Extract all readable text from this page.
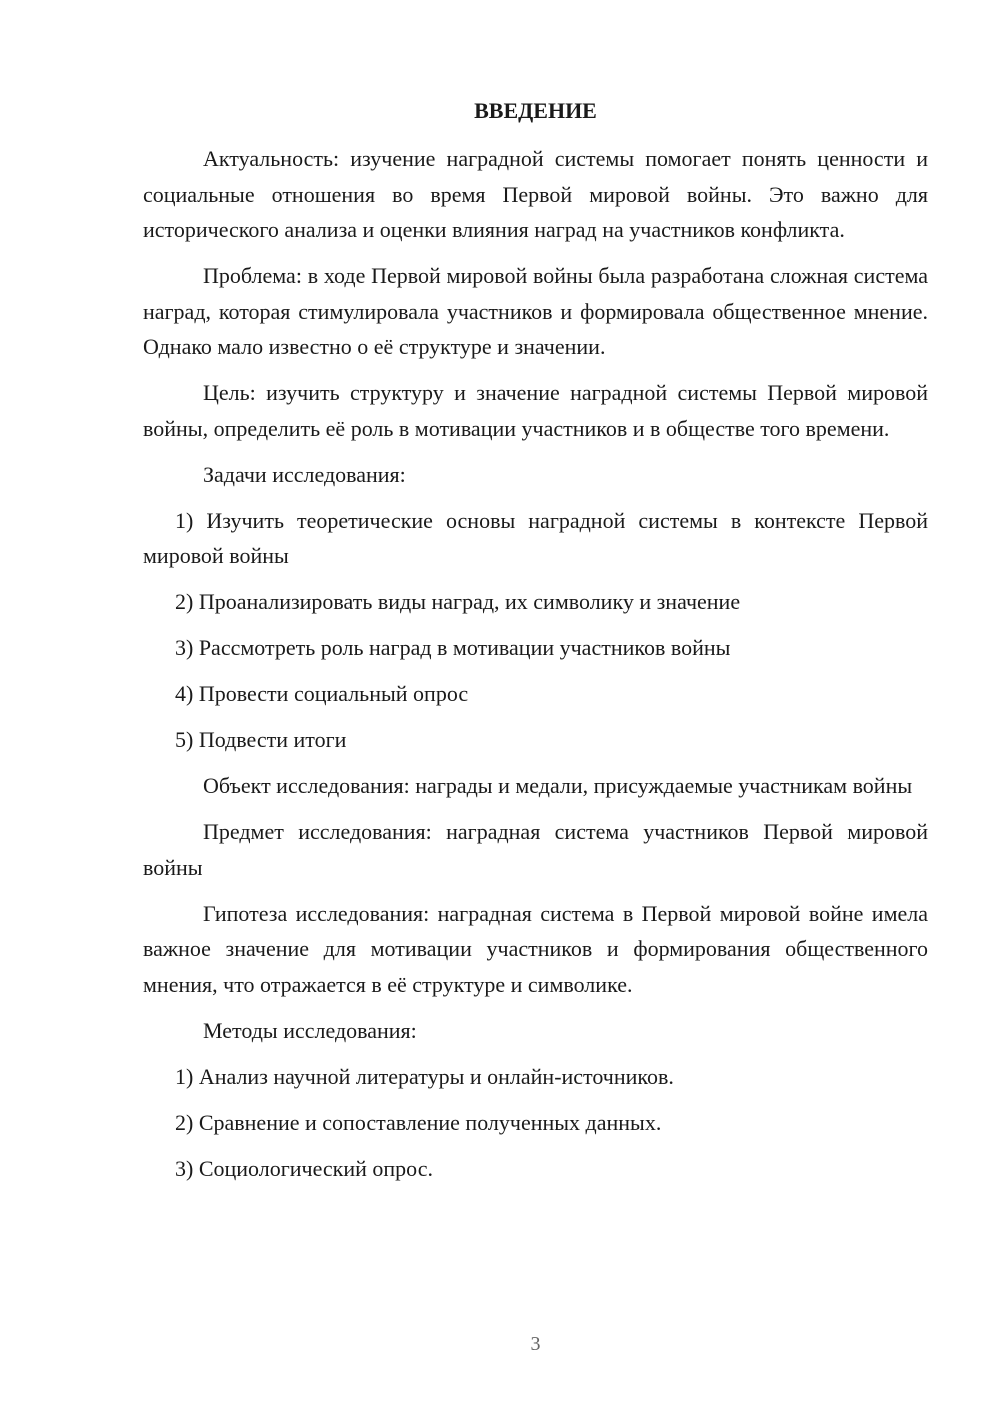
ВВЕДЕНИЕ

Актуальность: изучение наградной системы помогает понять ценности и социальные отношения во время Первой мировой войны. Это важно для исторического анализа и оценки влияния наград на участников конфликта.

Проблема: в ходе Первой мировой войны была разработана сложная система наград, которая стимулировала участников и формировала общественное мнение. Однако мало известно о её структуре и значении.

Цель: изучить структуру и значение наградной системы Первой мировой войны, определить её роль в мотивации участников и в обществе того времени.

Задачи исследования:

1) Изучить теоретические основы наградной системы в контексте Первой мировой войны

2) Проанализировать виды наград, их символику и значение

3) Рассмотреть роль наград в мотивации участников войны

4) Провести социальный опрос

5) Подвести итоги

Объект исследования: награды и медали, присуждаемые участникам войны

Предмет исследования: наградная система участников Первой мировой войны

Гипотеза исследования: наградная система в Первой мировой войне имела важное значение для мотивации участников и формирования общественного мнения, что отражается в её структуре и символике.

Методы исследования:

1) Анализ научной литературы и онлайн-источников.

2) Сравнение и сопоставление полученных данных.

3) Социологический опрос.

3
